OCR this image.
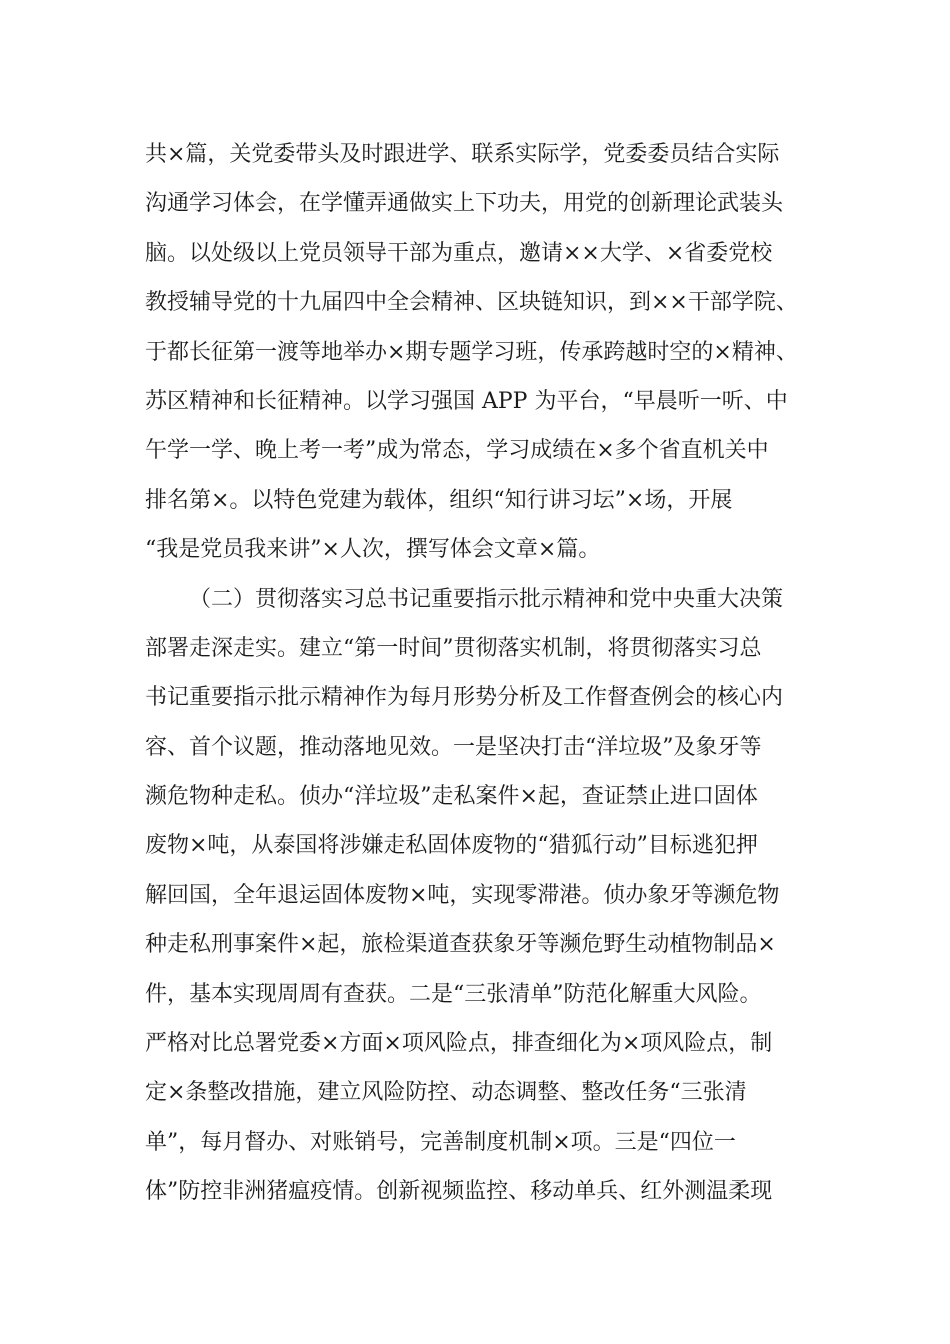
共×篇，关党委带头及时跟进学、联系实际学，党委委员结合实际
沟通学习体会，在学懂弄通做实上下功夫，用党的创新理论武装头
脑。以处级以上党员领导干部为重点，邀请××大学、×省委党校
教授辅导党的十九届四中全会精神、区块链知识，到××干部学院、
于都长征第一渡等地举办×期专题学习班，传承跨越时空的×精神、
苏区精神和长征精神。以学习强国 APP 为平台，“早晨听一听、中
午学一学、晚上考一考”成为常态，学习成绩在×多个省直机关中
排名第×。以特色党建为载体，组织“知行讲习坛”×场，开展
“我是党员我来讲”×人次，撰写体会文章×篇。
（二）贯彻落实习总书记重要指示批示精神和党中央重大决策
部署走深走实。建立“第一时间”贯彻落实机制，将贯彻落实习总
书记重要指示批示精神作为每月形势分析及工作督查例会的核心内
容、首个议题，推动落地见效。一是坚决打击“洋垃圾”及象牙等
濒危物种走私。侦办“洋垃圾”走私案件×起，查证禁止进口固体
废物×吨，从泰国将涉嫌走私固体废物的“猎狐行动”目标逃犯押
解回国，全年退运固体废物×吨，实现零滞港。侦办象牙等濒危物
种走私刑事案件×起，旅检渠道查获象牙等濒危野生动植物制品×
件，基本实现周周有查获。二是“三张清单”防范化解重大风险。
严格对比总署党委×方面×项风险点，排查细化为×项风险点，制
定×条整改措施，建立风险防控、动态调整、整改任务“三张清
单”，每月督办、对账销号，完善制度机制×项。三是“四位一
体”防控非洲猪瘟疫情。创新视频监控、移动单兵、红外测温柔现
